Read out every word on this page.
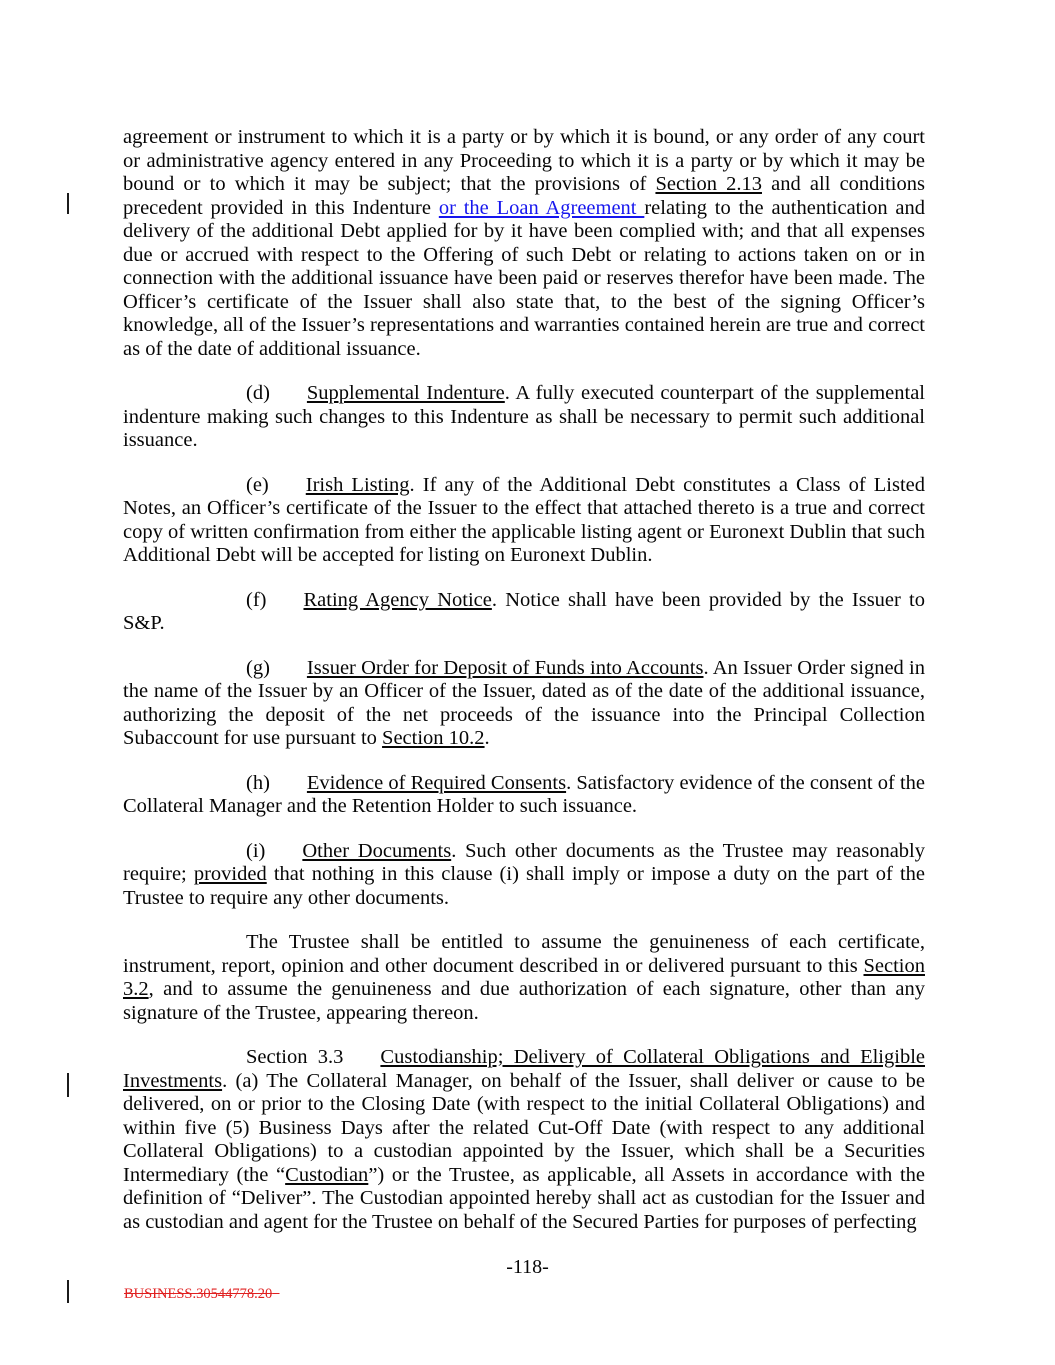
agreement or instrument to which it is a party or by which it is bound, or any order of any court or administrative agency entered in any Proceeding to which it is a party or by which it may be bound or to which it may be subject; that the provisions of Section 2.13 and all conditions precedent provided in this Indenture or the Loan Agreement relating to the authentication and delivery of the additional Debt applied for by it have been complied with; and that all expenses due or accrued with respect to the Offering of such Debt or relating to actions taken on or in connection with the additional issuance have been paid or reserves therefor have been made. The Officer’s certificate of the Issuer shall also state that, to the best of the signing Officer’s knowledge, all of the Issuer’s representations and warranties contained herein are true and correct as of the date of additional issuance.

(d) Supplemental Indenture. A fully executed counterpart of the supplemental indenture making such changes to this Indenture as shall be necessary to permit such additional issuance.

(e) Irish Listing. If any of the Additional Debt constitutes a Class of Listed Notes, an Officer’s certificate of the Issuer to the effect that attached thereto is a true and correct copy of written confirmation from either the applicable listing agent or Euronext Dublin that such Additional Debt will be accepted for listing on Euronext Dublin.

(f) Rating Agency Notice. Notice shall have been provided by the Issuer to S&P.

(g) Issuer Order for Deposit of Funds into Accounts. An Issuer Order signed in the name of the Issuer by an Officer of the Issuer, dated as of the date of the additional issuance, authorizing the deposit of the net proceeds of the issuance into the Principal Collection Subaccount for use pursuant to Section 10.2.

(h) Evidence of Required Consents. Satisfactory evidence of the consent of the Collateral Manager and the Retention Holder to such issuance.

(i) Other Documents. Such other documents as the Trustee may reasonably require; provided that nothing in this clause (i) shall imply or impose a duty on the part of the Trustee to require any other documents.

The Trustee shall be entitled to assume the genuineness of each certificate, instrument, report, opinion and other document described in or delivered pursuant to this Section 3.2, and to assume the genuineness and due authorization of each signature, other than any signature of the Trustee, appearing thereon.

Section 3.3 Custodianship; Delivery of Collateral Obligations and Eligible Investments. (a) The Collateral Manager, on behalf of the Issuer, shall deliver or cause to be delivered, on or prior to the Closing Date (with respect to the initial Collateral Obligations) and within five (5) Business Days after the related Cut-Off Date (with respect to any additional Collateral Obligations) to a custodian appointed by the Issuer, which shall be a Securities Intermediary (the “Custodian”) or the Trustee, as applicable, all Assets in accordance with the definition of “Deliver”. The Custodian appointed hereby shall act as custodian for the Issuer and as custodian and agent for the Trustee on behalf of the Secured Parties for purposes of perfecting

-118-
BUSINESS.30544778.20
